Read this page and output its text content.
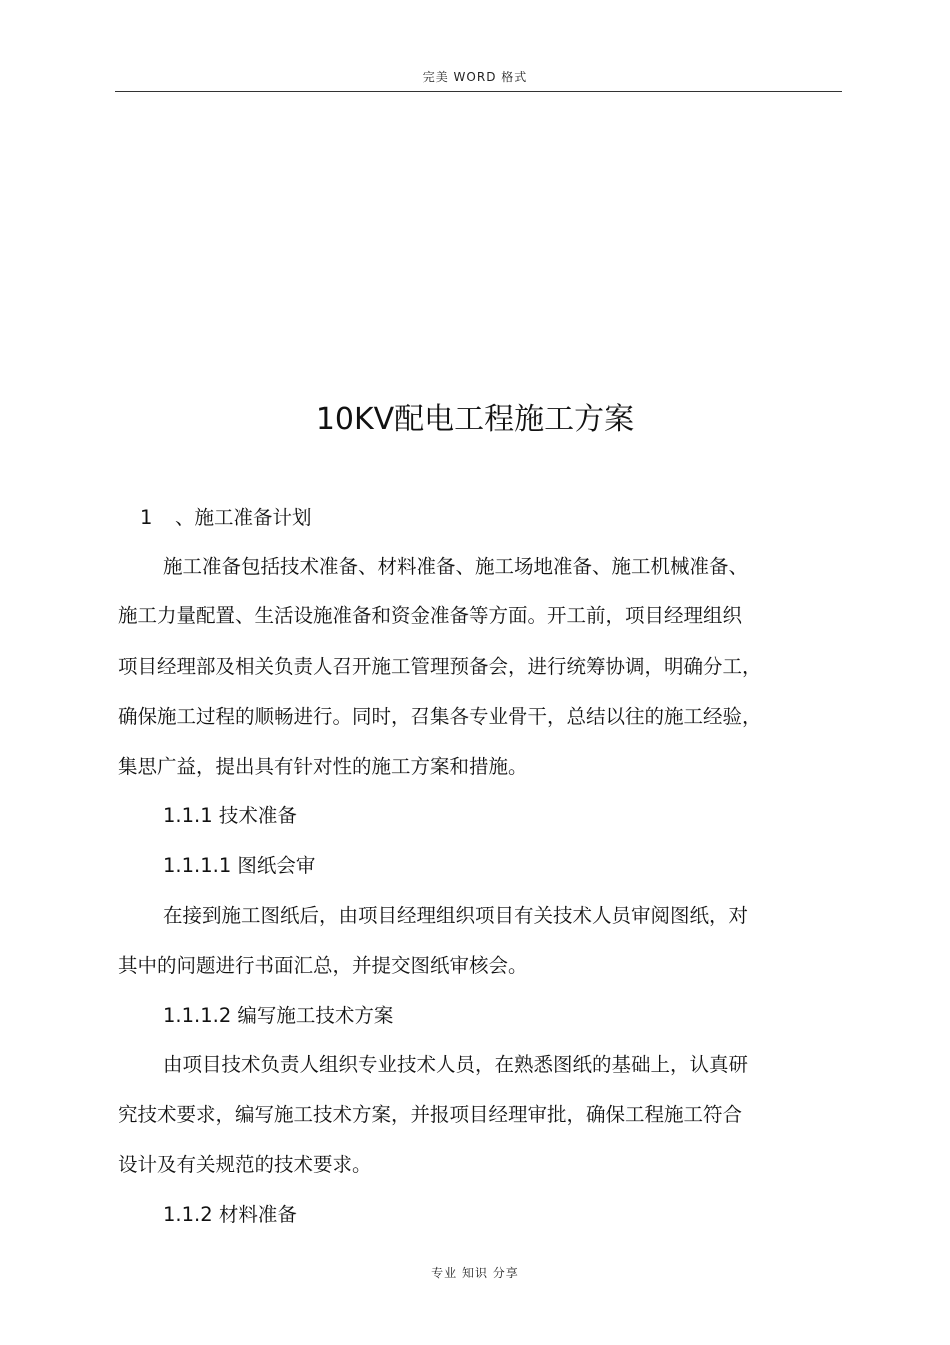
完美 WORD 格式
10KV配电工程施工方案
1	、施工准备计划
施工准备包括技术准备、材料准备、施工场地准备、施工机械准备、
施工力量配置、生活设施准备和资金准备等方面。开工前，项目经理组织
项目经理部及相关负责人召开施工管理预备会，进行统筹协调，明确分工，
确保施工过程的顺畅进行。同时，召集各专业骨干，总结以往的施工经验，
集思广益，提出具有针对性的施工方案和措施。
1.1.1 技术准备
1.1.1.1 图纸会审
在接到施工图纸后，由项目经理组织项目有关技术人员审阅图纸，对
其中的问题进行书面汇总，并提交图纸审核会。
1.1.1.2 编写施工技术方案
由项目技术负责人组织专业技术人员，在熟悉图纸的基础上，认真研
究技术要求，编写施工技术方案，并报项目经理审批，确保工程施工符合
设计及有关规范的技术要求。
1.1.2 材料准备
专业 知识 分享
